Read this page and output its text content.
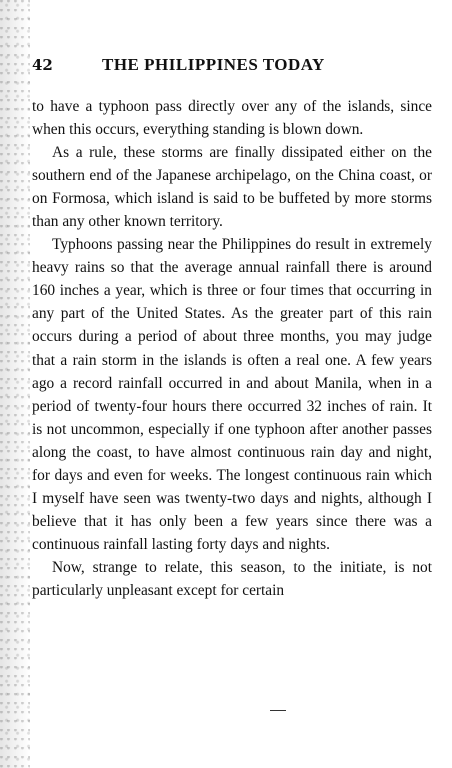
42	THE PHILIPPINES TODAY

to have a typhoon pass directly over any of the islands, since when this occurs, everything standing is blown down.

As a rule, these storms are finally dissipated either on the southern end of the Japanese archipelago, on the China coast, or on Formosa, which island is said to be buffeted by more storms than any other known territory.

Typhoons passing near the Philippines do result in extremely heavy rains so that the average annual rainfall there is around 160 inches a year, which is three or four times that occurring in any part of the United States. As the greater part of this rain occurs during a period of about three months, you may judge that a rain storm in the islands is often a real one. A few years ago a record rainfall occurred in and about Manila, when in a period of twenty-four hours there occurred 32 inches of rain. It is not uncommon, especially if one typhoon after another passes along the coast, to have almost continuous rain day and night, for days and even for weeks. The longest continuous rain which I myself have seen was twenty-two days and nights, although I believe that it has only been a few years since there was a continuous rainfall lasting forty days and nights.

Now, strange to relate, this season, to the initiate, is not particularly unpleasant except for certain
